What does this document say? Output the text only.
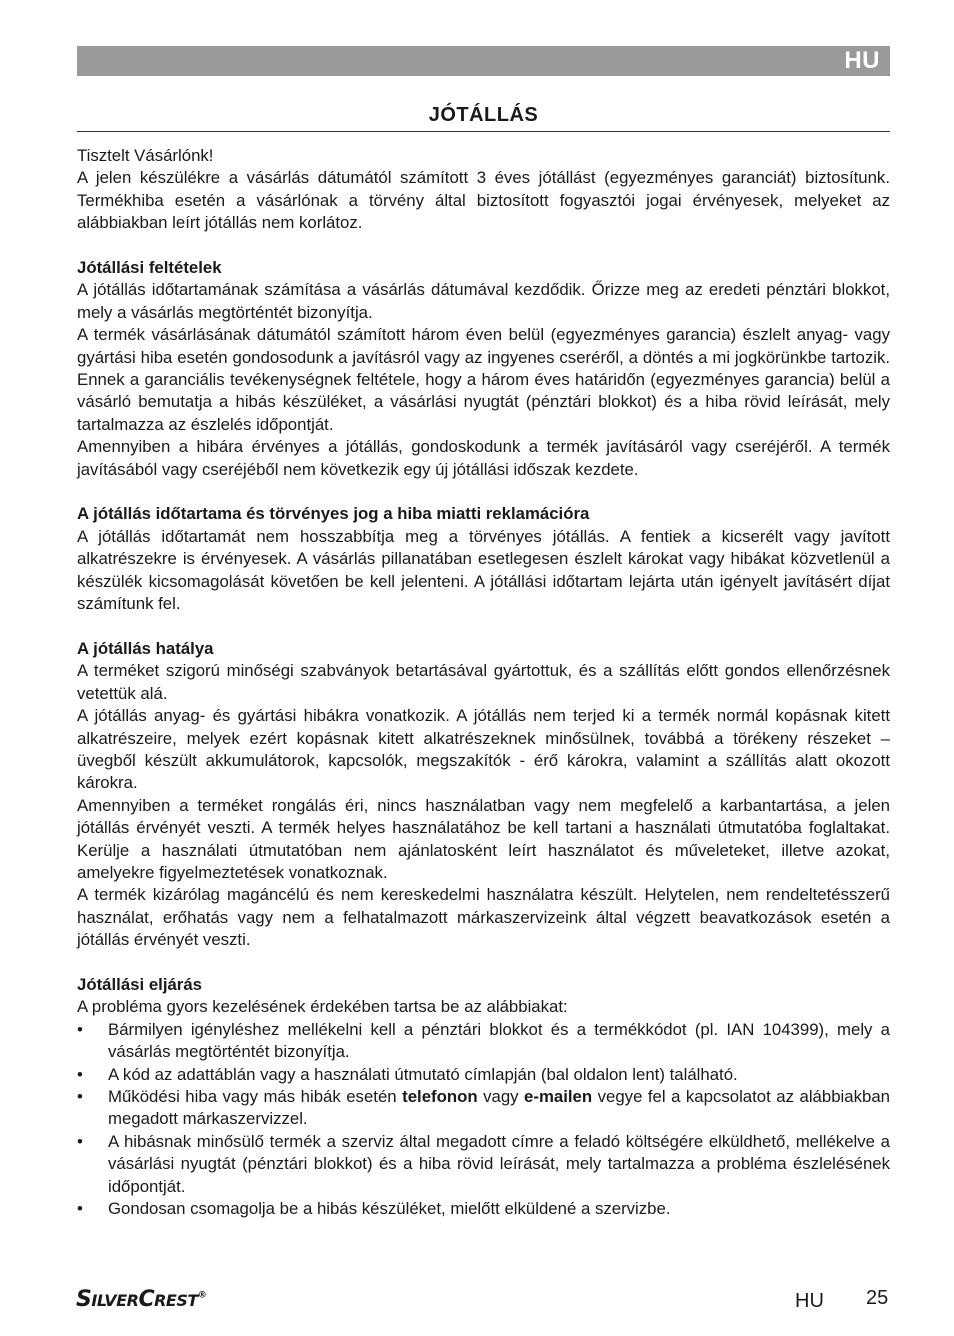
HU
JÓTÁLLÁS

Tisztelt Vásárlónk!

A jelen készülékre a vásárlás dátumától számított 3 éves jótállást (egyezményes garanciát) biztosítunk. Termékhiba esetén a vásárlónak a törvény által biztosított fogyasztói jogai érvényesek, melyeket az alábbiakban leírt jótállás nem korlátoz.

Jótállási feltételek

A jótállás időtartamának számítása a vásárlás dátumával kezdődik. Őrizze meg az eredeti pénztári blokkot, mely a vásárlás megtörténtét bizonyítja.

A termék vásárlásának dátumától számított három éven belül (egyezményes garancia) észlelt anyag- vagy gyártási hiba esetén gondosodunk a javításról vagy az ingyenes cseréről, a döntés a mi jogkörünkbe tartozik. Ennek a garanciális tevékenységnek feltétele, hogy a három éves határidőn (egyezményes garancia) belül a vásárló bemutatja a hibás készüléket, a vásárlási nyugtát (pénztári blokkot) és a hiba rövid leírását, mely tartalmazza az észlelés időpontját.

Amennyiben a hibára érvényes a jótállás, gondoskodunk a termék javításáról vagy cseréjéről. A termék javításából vagy cseréjéből nem következik egy új jótállási időszak kezdete.

A jótállás időtartama és törvényes jog a hiba miatti reklamációra

A jótállás időtartamát nem hosszabbítja meg a törvényes jótállás. A fentiek a kicserélt vagy javított alkatrészekre is érvényesek. A vásárlás pillanatában esetlegesen észlelt károkat vagy hibákat közvetlenül a készülék kicsomagolását követően be kell jelenteni. A jótállási időtartam lejárta után igényelt javításért díjat számítunk fel.

A jótállás hatálya

A terméket szigorú minőségi szabványok betartásával gyártottuk, és a szállítás előtt gondos ellenőrzésnek vetettük alá.

A jótállás anyag- és gyártási hibákra vonatkozik. A jótállás nem terjed ki a termék normál kopásnak kitett alkatrészeire, melyek ezért kopásnak kitett alkatrészeknek minősülnek, továbbá a törékeny részeket – üvegből készült akkumulátorok, kapcsolók, megszakítók - érő károkra, valamint a szállítás alatt okozott károkra.

Amennyiben a terméket rongálás éri, nincs használatban vagy nem megfelelő a karbantartása, a jelen jótállás érvényét veszti. A termék helyes használatához be kell tartani a használati útmutatóba foglaltakat. Kerülje a használati útmutatóban nem ajánlatosként leírt használatot és műveleteket, illetve azokat, amelyekre figyelmeztetések vonatkoznak.

A termék kizárólag magáncélú és nem kereskedelmi használatra készült. Helytelen, nem rendeltetésszerű használat, erőhatás vagy nem a felhatalmazott márkaszervizeink által végzett beavatkozások esetén a jótállás érvényét veszti.

Jótállási eljárás

A probléma gyors kezelésének érdekében tartsa be az alábbiakat:

• Bármilyen igényléshez mellékelni kell a pénztári blokkot és a termékkódot (pl. IAN 104399), mely a vásárlás megtörténtét bizonyítja.
• A kód az adattáblán vagy a használati útmutató címlapján (bal oldalon lent) található.
• Működési hiba vagy más hibák esetén telefonon vagy e-mailen vegye fel a kapcsolatot az alábbiakban megadott márkaszervizzel.
• A hibásnak minősülő termék a szerviz által megadott címre a feladó költségére elküldhető, mellékelve a vásárlási nyugtát (pénztári blokkot) és a hiba rövid leírását, mely tartalmazza a probléma észlelésének időpontját.
• Gondosan csomagolja be a hibás készüléket, mielőtt elküldené a szervizbe.
SILVERCREST®	HU 25
